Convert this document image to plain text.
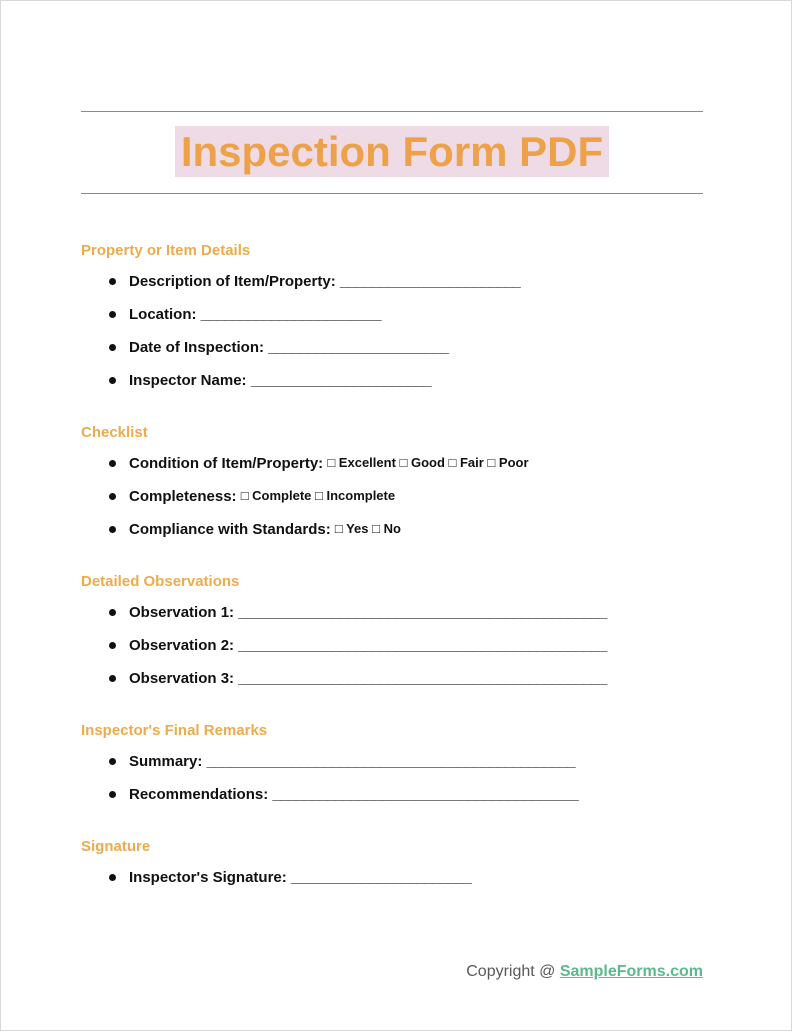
Inspection Form PDF
Property or Item Details
Description of Item/Property: _______________________
Location: _______________________
Date of Inspection: _______________________
Inspector Name: _______________________
Checklist
Condition of Item/Property: □ Excellent □ Good □ Fair □ Poor
Completeness: □ Complete □ Incomplete
Compliance with Standards: □ Yes □ No
Detailed Observations
Observation 1: _______________________________________________
Observation 2: _______________________________________________
Observation 3: _______________________________________________
Inspector's Final Remarks
Summary: _______________________________________________
Recommendations: _______________________________________
Signature
Inspector's Signature: _______________________
Copyright @ SampleForms.com
